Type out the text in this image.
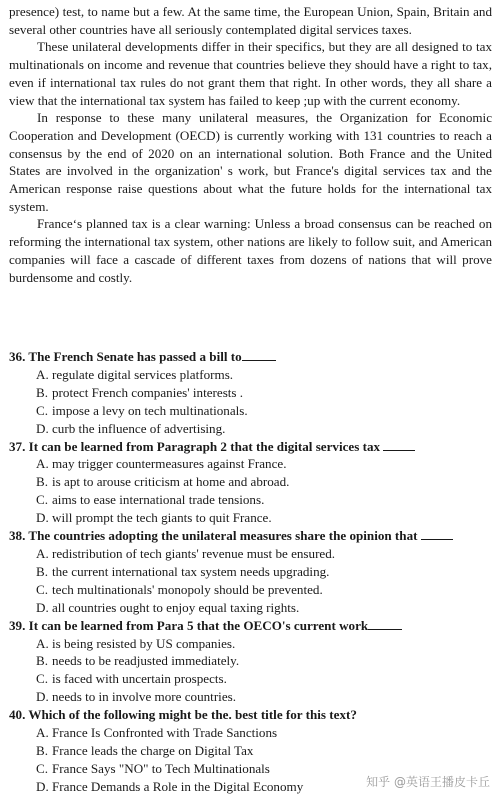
presence) test, to name but a few. At the same time, the European Union, Spain, Britain and several other countries have all seriously contemplated digital services taxes.

These unilateral developments differ in their specifics, but they are all designed to tax multinationals on income and revenue that countries believe they should have a right to tax, even if international tax rules do not grant them that right. In other words, they all share a view that the international tax system has failed to keep ;up with the current economy.

In response to these many unilateral measures, the Organization for Economic Cooperation and Development (OECD) is currently working with 131 countries to reach a consensus by the end of 2020 on an international solution. Both France and the United States are involved in the organization' s work, but France's digital services tax and the American response raise questions about what the future holds for the international tax system.

France‘s planned tax is a clear warning: Unless a broad consensus can be reached on reforming the international tax system, other nations are likely to follow suit, and American companies will face a cascade of different taxes from dozens of nations that will prove burdensome and costly.

36. The French Senate has passed a bill to
A. regulate digital services platforms.
B. protect French companies' interests .
C. impose a levy on tech multinationals.
D. curb the influence of advertising.
37. It can be learned from Paragraph 2 that the digital services tax
A. may trigger countermeasures against France.
B. is apt to arouse criticism at home and abroad.
C. aims to ease international trade tensions.
D. will prompt the tech giants to quit France.
38. The countries adopting the unilateral measures share the opinion that
A. redistribution of tech giants' revenue must be ensured.
B. the current international tax system needs upgrading.
C. tech multinationals' monopoly should be prevented.
D. all countries ought to enjoy equal taxing rights.
39. It can be learned from Para 5 that the OECO's current work
A. is being resisted by US companies.
B. needs to be readjusted immediately.
C. is faced with uncertain prospects.
D. needs to in involve more countries.
40. Which of the following might be the. best title for this text?
A. France Is Confronted with Trade Sanctions
B. France leads the charge on Digital Tax
C. France Says "NO" to Tech Multinationals
D. France Demands a Role in the Digital Economy	知乎 @英语王播皮卡丘
